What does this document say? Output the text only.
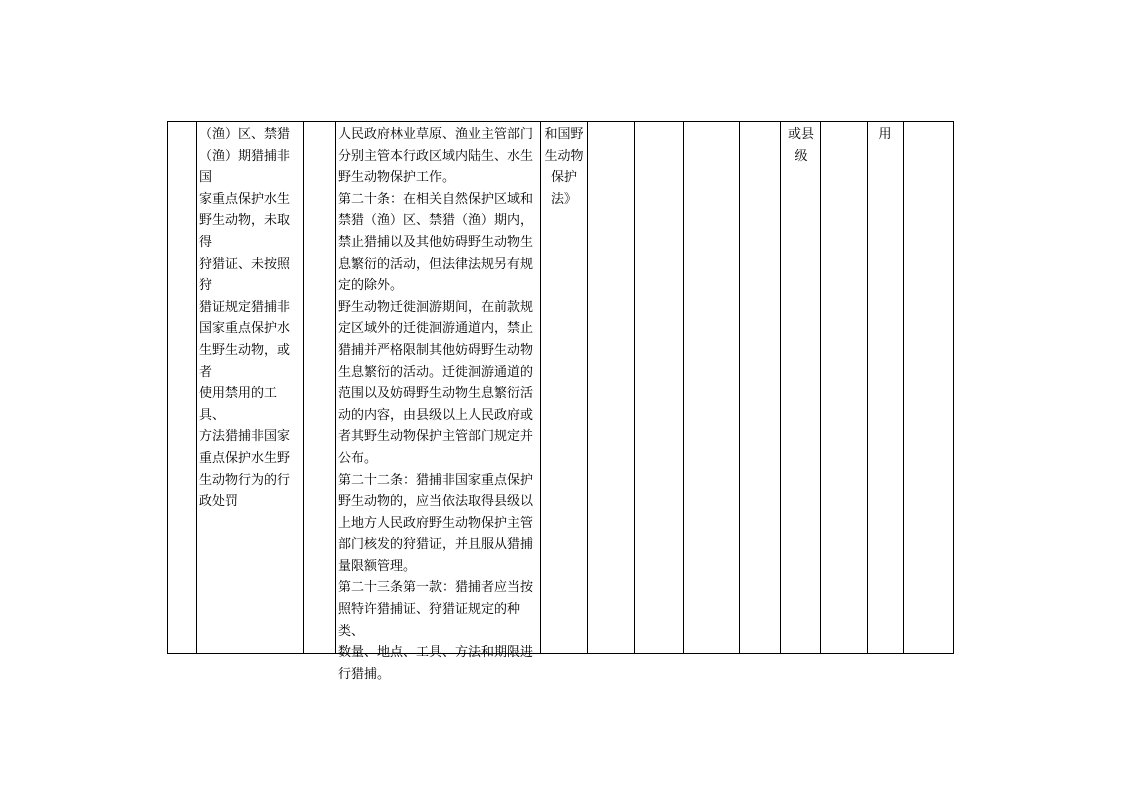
（渔）区、禁猎
（渔）期猎捕非国
家重点保护水生
野生动物，未取得
狩猎证、未按照狩
猎证规定猎捕非
国家重点保护水
生野生动物，或者
使用禁用的工具、
方法猎捕非国家
重点保护水生野
生动物行为的行
政处罚
人民政府林业草原、渔业主管部门
分别主管本行政区域内陆生、水生
野生动物保护工作。
第二十条：在相关自然保护区域和
禁猎（渔）区、禁猎（渔）期内，
禁止猎捕以及其他妨碍野生动物生
息繁衍的活动，但法律法规另有规
定的除外。
野生动物迁徙洄游期间，在前款规
定区域外的迁徙洄游通道内，禁止
猎捕并严格限制其他妨碍野生动物
生息繁衍的活动。迁徙洄游通道的
范围以及妨碍野生动物生息繁衍活
动的内容，由县级以上人民政府或
者其野生动物保护主管部门规定并
公布。
第二十二条：猎捕非国家重点保护
野生动物的，应当依法取得县级以
上地方人民政府野生动物保护主管
部门核发的狩猎证，并且服从猎捕
量限额管理。
第二十三条第一款：猎捕者应当按
照特许猎捕证、狩猎证规定的种类、
数量、地点、工具、方法和期限进
行猎捕。
和国野
生动物
保护
法》
或县
级
用
